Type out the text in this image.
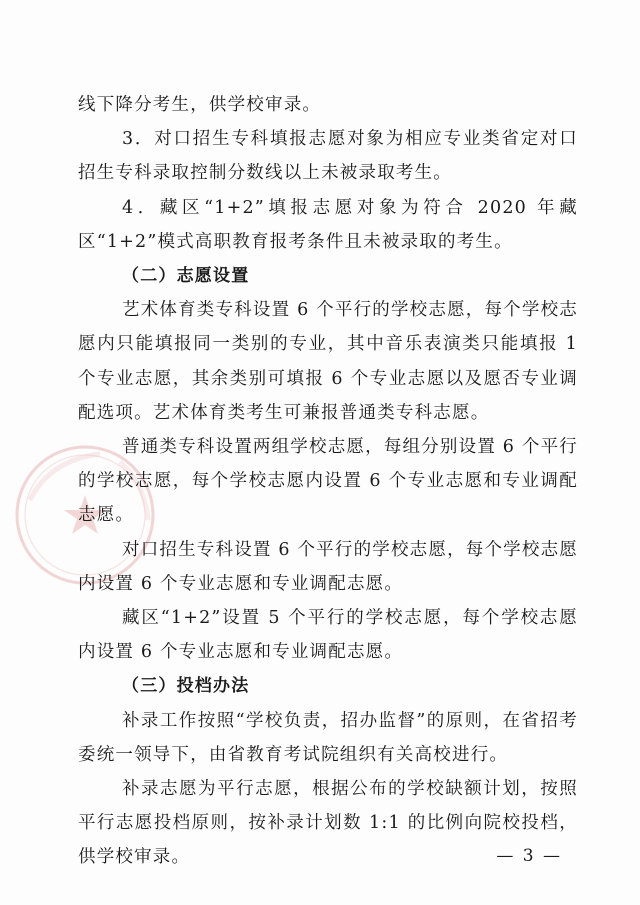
线下降分考生，供学校审录。

3．对口招生专科填报志愿对象为相应专业类省定对口招生专科录取控制分数线以上未被录取考生。

4．藏区“1+2”填报志愿对象为符合 2020 年藏区“1+2”模式高职教育报考条件且未被录取的考生。

（二）志愿设置

艺术体育类专科设置 6 个平行的学校志愿，每个学校志愿内只能填报同一类别的专业，其中音乐表演类只能填报 1 个专业志愿，其余类别可填报 6 个专业志愿以及愿否专业调配选项。艺术体育类考生可兼报普通类专科志愿。

普通类专科设置两组学校志愿，每组分别设置 6 个平行的学校志愿，每个学校志愿内设置 6 个专业志愿和专业调配志愿。

对口招生专科设置 6 个平行的学校志愿，每个学校志愿内设置 6 个专业志愿和专业调配志愿。

藏区“1+2”设置 5 个平行的学校志愿，每个学校志愿内设置 6 个专业志愿和专业调配志愿。

（三）投档办法

补录工作按照“学校负责，招办监督”的原则，在省招考委统一领导下，由省教育考试院组织有关高校进行。

补录志愿为平行志愿，根据公布的学校缺额计划，按照平行志愿投档原则，按补录计划数 1:1 的比例向院校投档，供学校审录。	— 3 —
